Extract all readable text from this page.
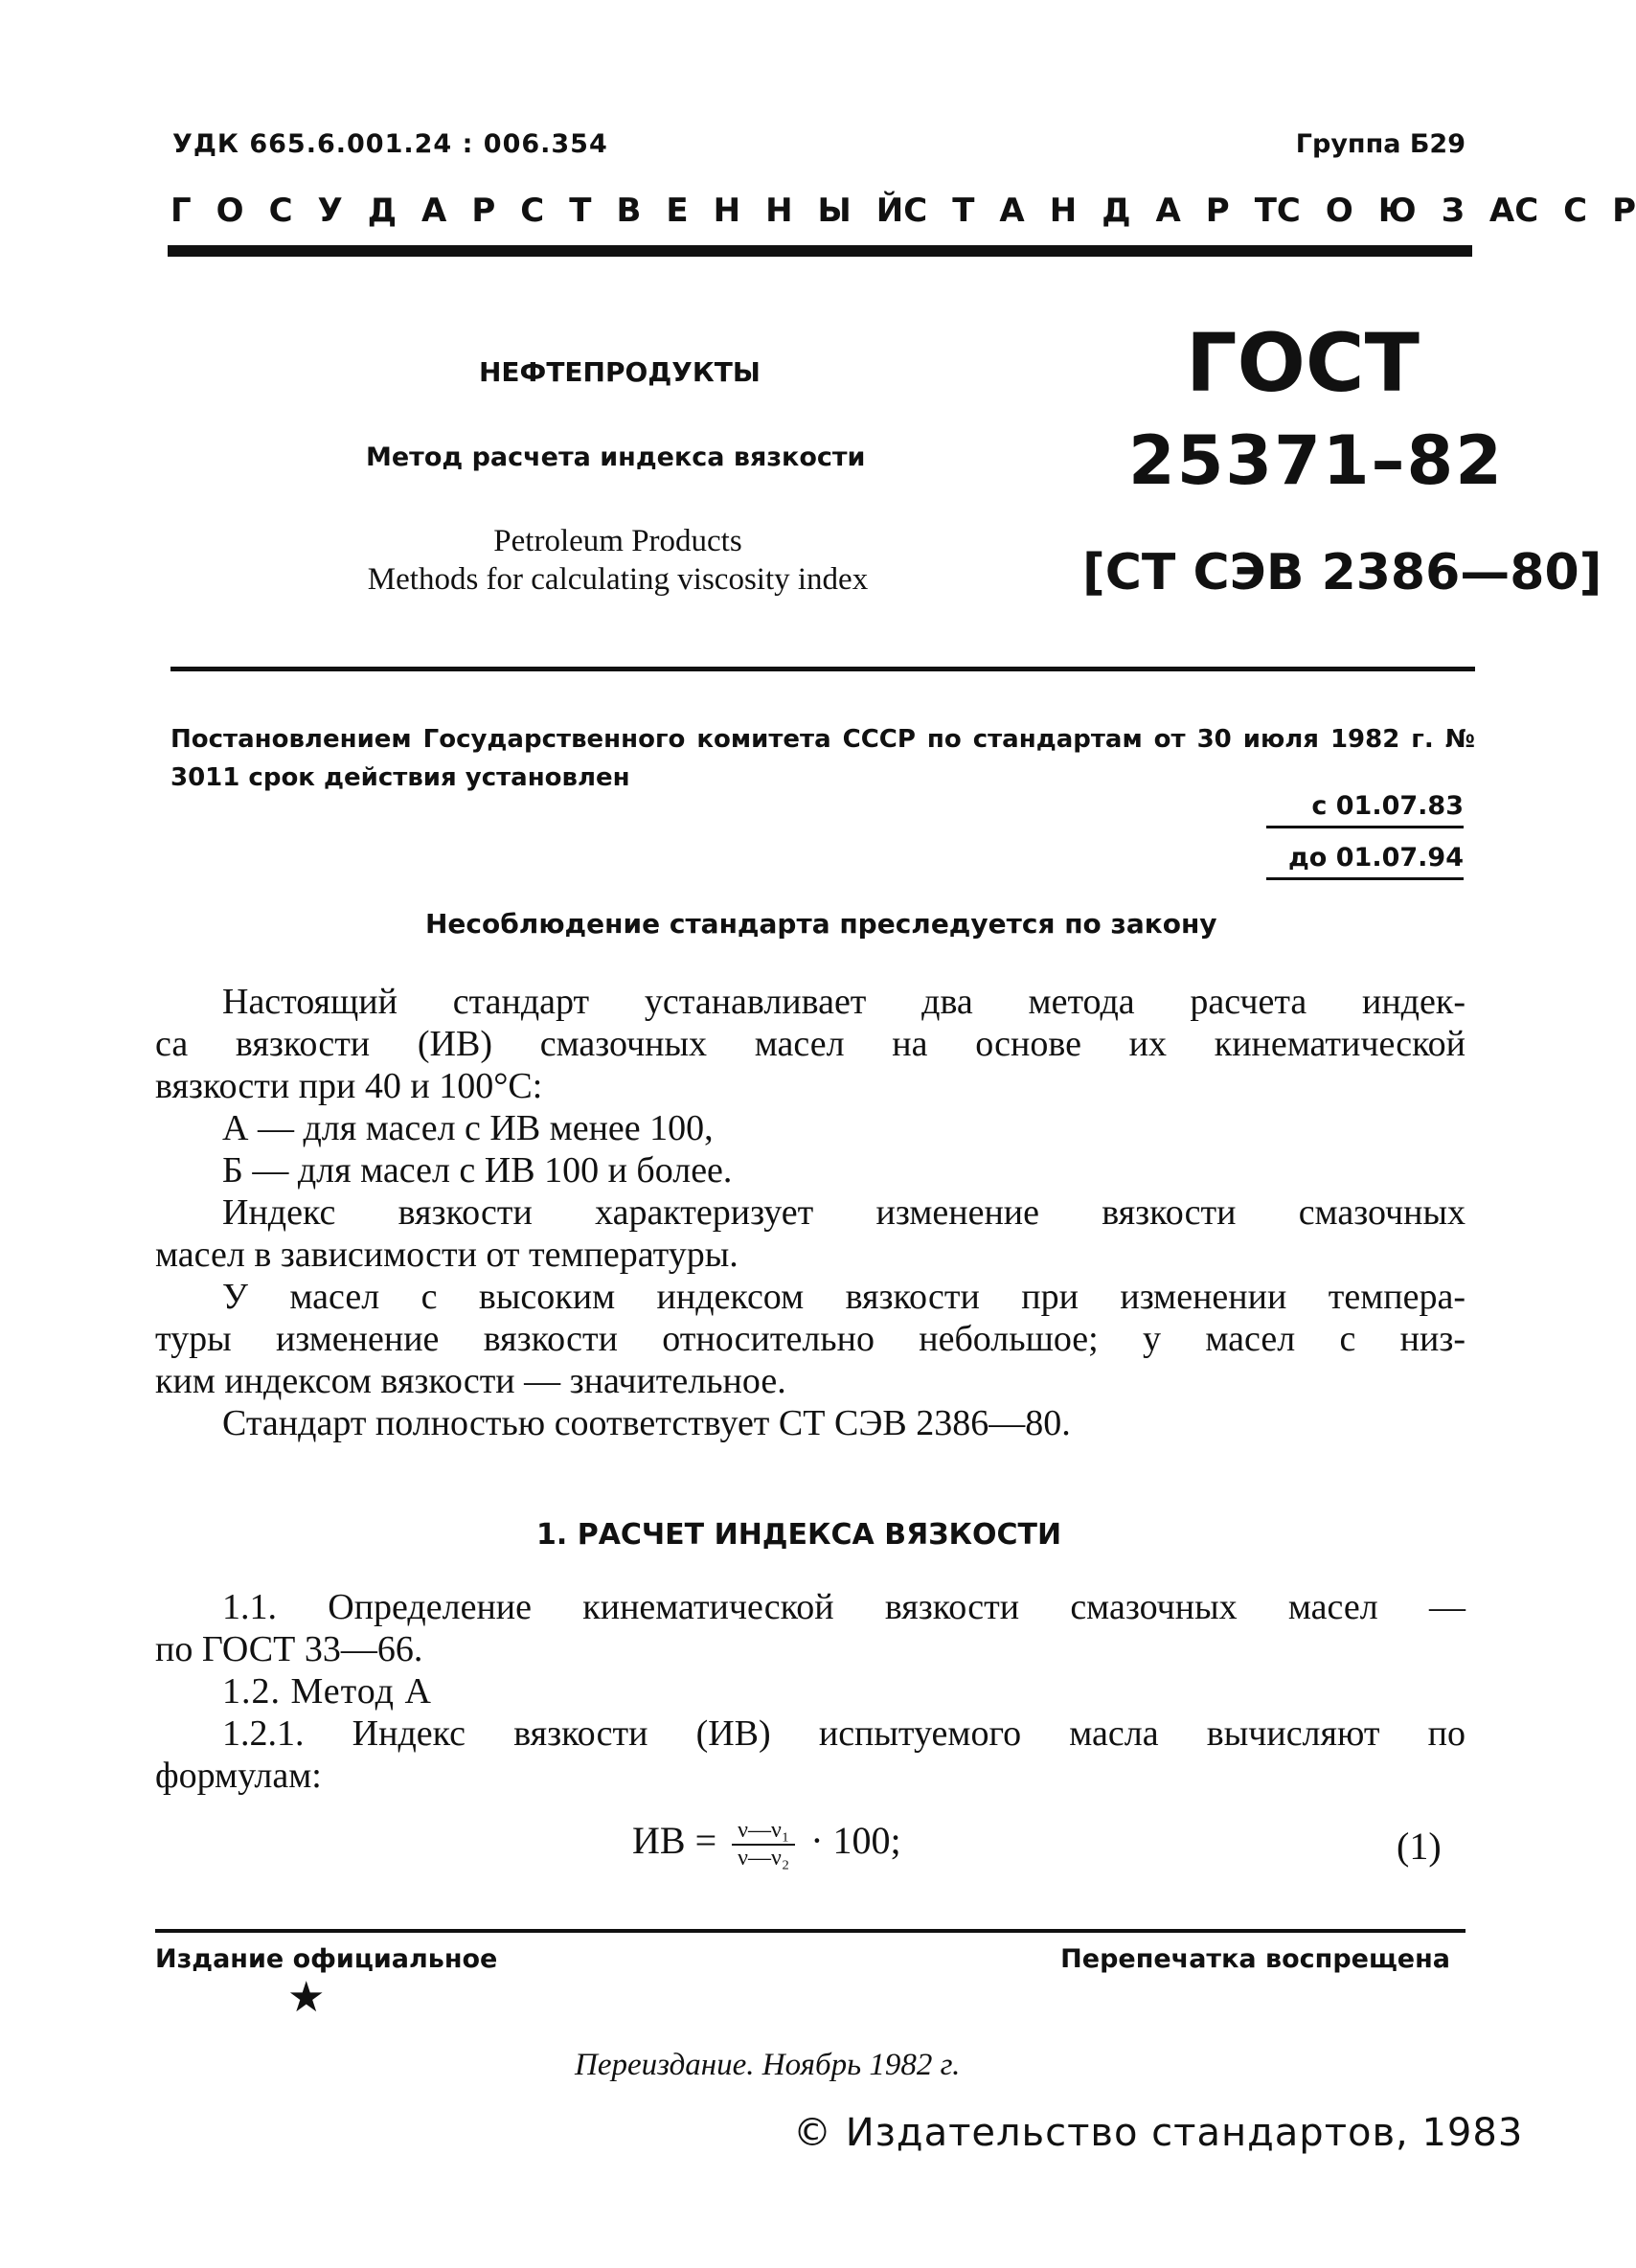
УДК 665.6.001.24 : 006.354	Группа Б29
Г О С У Д А Р С Т В Е Н Н Ы Й С Т А Н Д А Р Т С О Ю З А С С Р
НЕФТЕПРОДУКТЫ
Метод расчета индекса вязкости
Petroleum Products
Methods for calculating viscosity index
ГОСТ
25371–82
[СТ СЭВ 2386—80]
Постановлением Государственного комитета СССР по стандартам от 30 июля 1982 г. № 3011 срок действия установлен
с 01.07.83
до 01.07.94
Несоблюдение стандарта преследуется по закону
Настоящий стандарт устанавливает два метода расчета индек-
са вязкости (ИВ) смазочных масел на основе их кинематической
вязкости при 40 и 100°С:
А — для масел с ИВ менее 100,
Б — для масел с ИВ 100 и более.
Индекс вязкости характеризует изменение вязкости смазочных
масел в зависимости от температуры.
У масел с высоким индексом вязкости при изменении темпера-
туры изменение вязкости относительно небольшое; у масел с низ-
ким индексом вязкости — значительное.
Стандарт полностью соответствует СТ СЭВ 2386—80.
1. РАСЧЕТ ИНДЕКСА ВЯЗКОСТИ
1.1. Определение кинематической вязкости смазочных масел —
по ГОСТ 33—66.
1.2. Метод А
1.2.1. Индекс вязкости (ИВ) испытуемого масла вычисляют по
формулам:
ИВ = $\frac{\text{ν—ν₁}}{\text{ν—ν₂}} \cdot 100$;	(1)
Издание официальное	Перепечатка воспрещена
★
Переиздание. Ноябрь 1982 г.
© Издательство стандартов, 1983
